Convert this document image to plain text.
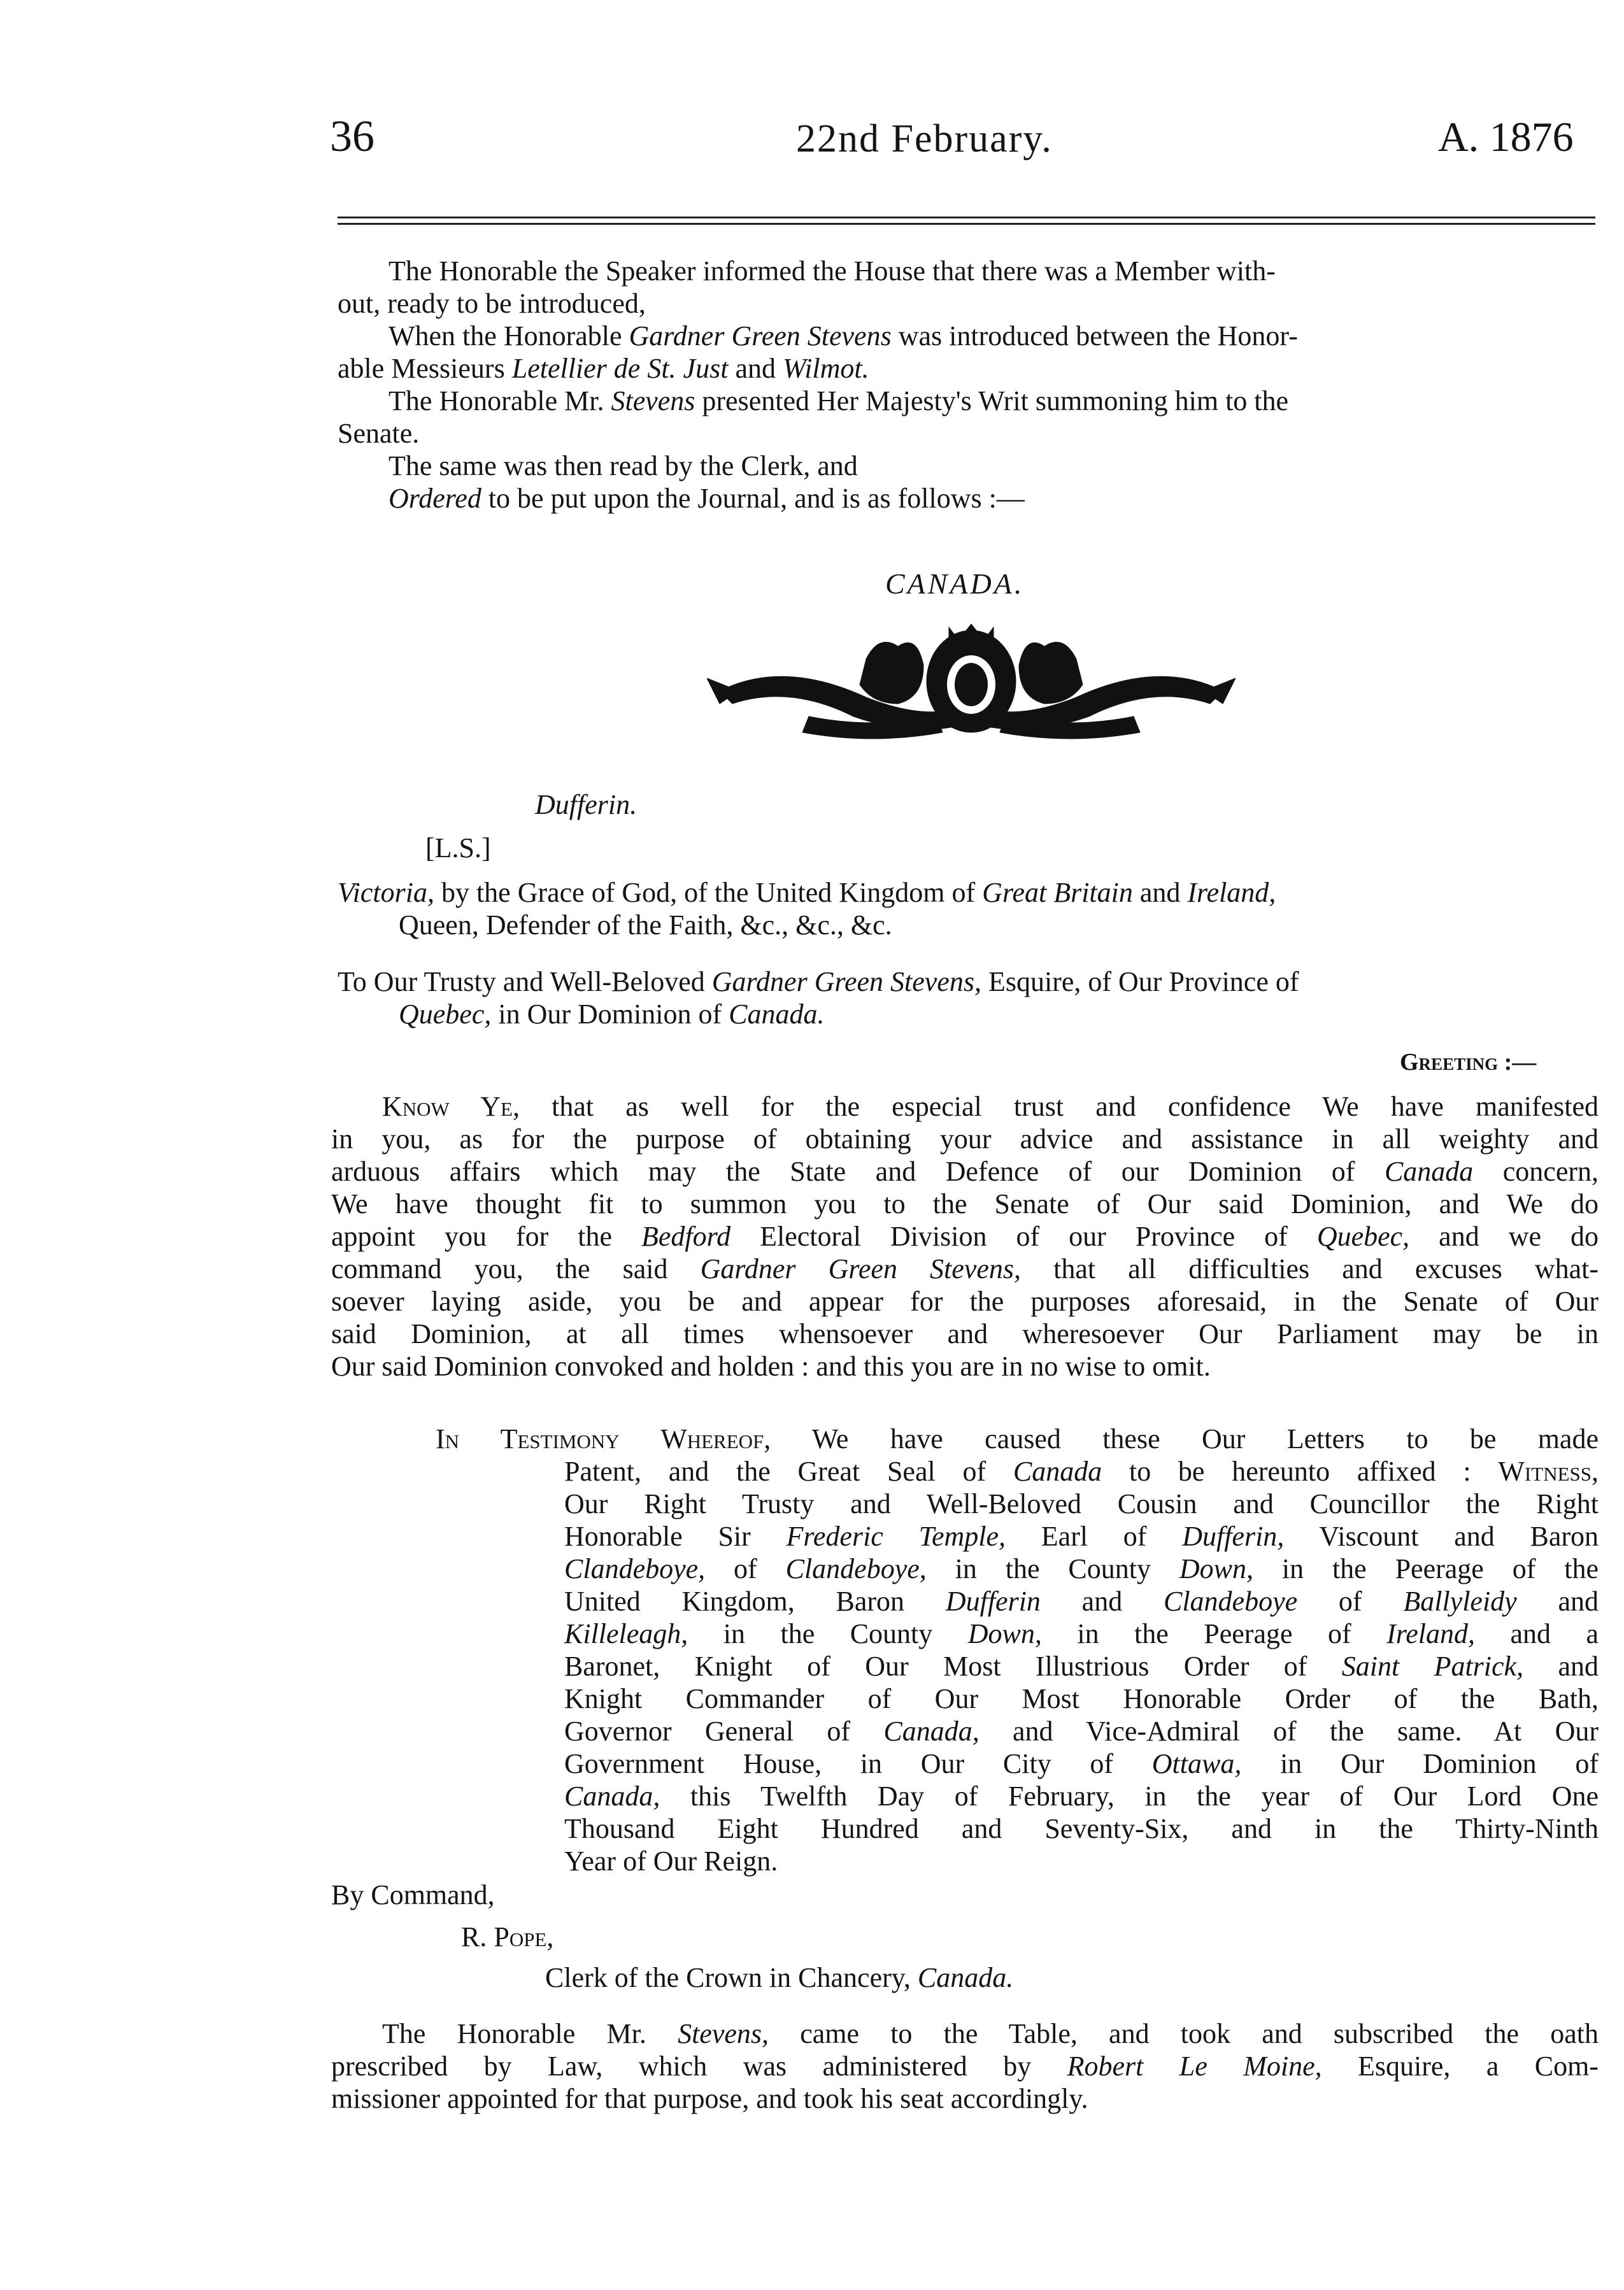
36	22nd February.	A. 1876
The Honorable the Speaker informed the House that there was a Member with-
out, ready to be introduced,
When the Honorable Gardner Green Stevens was introduced between the Honor-
able Messieurs Letellier de St. Just and Wilmot.
The Honorable Mr. Stevens presented Her Majesty's Writ summoning him to the
Senate.
The same was then read by the Clerk, and
Ordered to be put upon the Journal, and is as follows :—
CANADA.
Dufferin.
[L.S.]
Victoria, by the Grace of God, of the United Kingdom of Great Britain and Ireland,
Queen, Defender of the Faith, &c., &c., &c.
To Our Trusty and Well-Beloved Gardner Green Stevens, Esquire, of Our Province of
Quebec, in Our Dominion of Canada.
Greeting :—
Know Ye, that as well for the especial trust and confidence We have manifested
in you, as for the purpose of obtaining your advice and assistance in all weighty and
arduous affairs which may the State and Defence of our Dominion of Canada concern,
We have thought fit to summon you to the Senate of Our said Dominion, and We do
appoint you for the Bedford Electoral Division of our Province of Quebec, and we do
command you, the said Gardner Green Stevens, that all difficulties and excuses what-
soever laying aside, you be and appear for the purposes aforesaid, in the Senate of Our
said Dominion, at all times whensoever and wheresoever Our Parliament may be in
Our said Dominion convoked and holden : and this you are in no wise to omit.
In Testimony Whereof, We have caused these Our Letters to be made
Patent, and the Great Seal of Canada to be hereunto affixed : Witness,
Our Right Trusty and Well-Beloved Cousin and Councillor the Right
Honorable Sir Frederic Temple, Earl of Dufferin, Viscount and Baron
Clandeboye, of Clandeboye, in the County Down, in the Peerage of the
United Kingdom, Baron Dufferin and Clandeboye of Ballyleidy and
Killeleagh, in the County Down, in the Peerage of Ireland, and a
Baronet, Knight of Our Most Illustrious Order of Saint Patrick, and
Knight Commander of Our Most Honorable Order of the Bath,
Governor General of Canada, and Vice-Admiral of the same. At Our
Government House, in Our City of Ottawa, in Our Dominion of
Canada, this Twelfth Day of February, in the year of Our Lord One
Thousand Eight Hundred and Seventy-Six, and in the Thirty-Ninth
Year of Our Reign.
By Command,
R. Pope,
Clerk of the Crown in Chancery, Canada.
The Honorable Mr. Stevens, came to the Table, and took and subscribed the oath
prescribed by Law, which was administered by Robert Le Moine, Esquire, a Com-
missioner appointed for that purpose, and took his seat accordingly.
